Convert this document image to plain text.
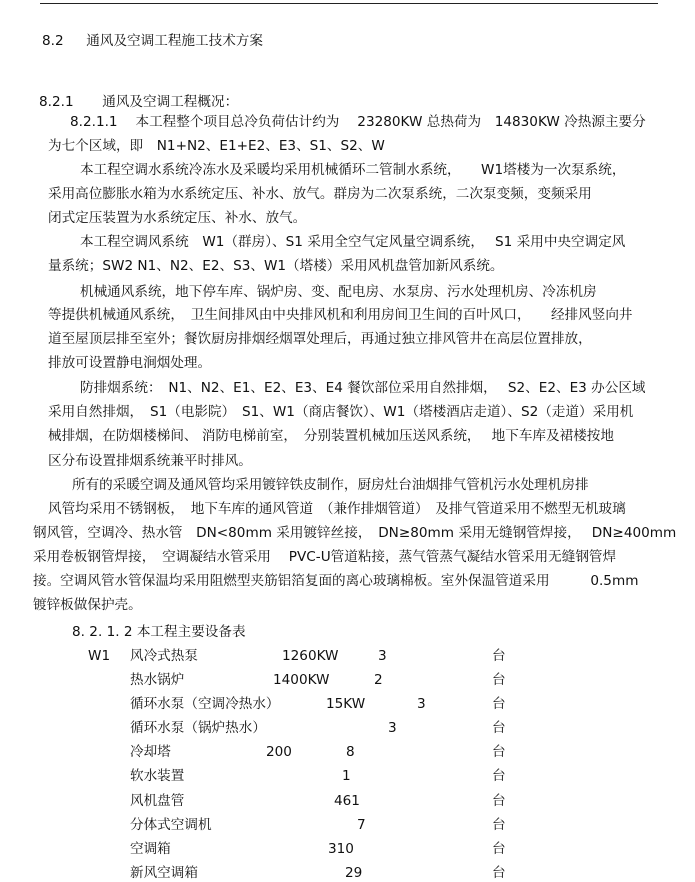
8.2 通风及空调工程施工技术方案
8.2.1 通风及空调工程概况：
8.2.1.1　 本工程整个项目总冷负荷估计约为　 23280KW 总热荷为　14830KW 冷热源主要分
为七个区域，即　N1+N2、E1+E2、E3、S1、S2、W
本工程空调水系统冷冻水及采暖均采用机械循环二管制水系统，　　W1塔楼为一次泵系统，
采用高位膨胀水箱为水系统定压、补水、放气。群房为二次泵系统，二次泵变频，变频采用
闭式定压装置为水系统定压、补水、放气。
本工程空调风系统　W1（群房）、S1 采用全空气定风量空调系统，　 S1 采用中央空调定风
量系统；SW2 N1、N2、E2、S3、W1（塔楼）采用风机盘管加新风系统。
机械通风系统，地下停车库、锅炉房、变、配电房、水泵房、污水处理机房、冷冻机房
等提供机械通风系统，　卫生间排风由中央排风机和利用房间卫生间的百叶风口，　　经排风竖向井
道至屋顶层排至室外；餐饮厨房排烟经烟罩处理后，再通过独立排风管井在高层位置排放，
排放可设置静电涧烟处理。
防排烟系统：　N1、N2、E1、E2、E3、E4 餐饮部位采用自然排烟，　 S2、E2、E3 办公区域
采用自然排烟，　S1（电影院）　S1、W1（商店餐饮）、W1（塔楼酒店走道）、S2（走道）采用机
械排烟，在防烟楼梯间、 消防电梯前室，　分别装置机械加压送风系统，　 地下车库及裙楼按地
区分布设置排烟系统兼平时排风。
所有的采暖空调及通风管均采用镀锌铁皮制作，厨房灶台油烟排气管机污水处理机房排
风管均采用不锈钢板，　地下车库的通风管道　（兼作排烟管道）　及排气管道采用不燃型无机玻璃
钢风管，空调冷、热水管　DN<80mm 采用镀锌丝接，　DN≥80mm 采用无缝钢管焊接，　 DN≥400mm
采用卷板钢管焊接，　空调凝结水管采用　 PVC-U管道粘接，蒸气管蒸气凝结水管采用无缝钢管焊
接。空调风管水管保温均采用阻燃型夹筋铝箔复面的离心玻璃棉板。室外保温管道采用　　　0.5mm
镀锌板做保护壳。
8. 2. 1. 2 本工程主要设备表
W1 风冷式热泵	1260KW	3	台
热水锅炉	1400KW	2	台
循环水泵（空调冷热水）	15KW	3	台
循环水泵（锅炉热水）	3	台
冷却塔	200	8	台
软水装置	1	台
风机盘管	461	台
分体式空调机	7	台
空调箱	310	台
新风空调箱	29	台
